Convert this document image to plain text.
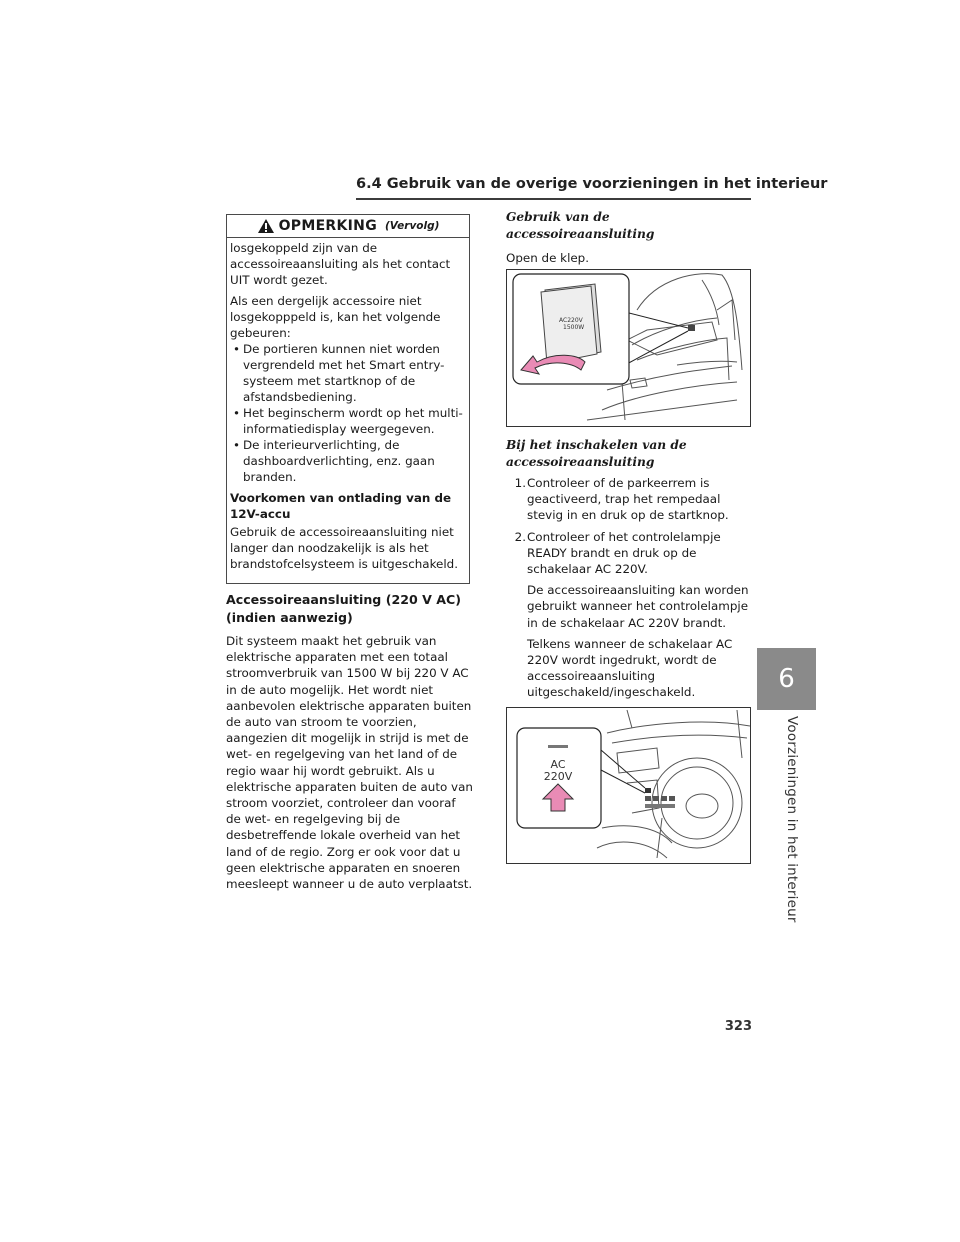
6.4 Gebruik van de overige voorzieningen in het interieur
6
Voorzieningen in het interieur
OPMERKING (Vervolg)

losgekoppeld zijn van de accessoireaansluiting als het contact UIT wordt gezet.

Als een dergelijk accessoire niet losgekopppeld is, kan het volgende gebeuren:

• De portieren kunnen niet worden vergrendeld met het Smart entry-systeem met startknop of de afstandsbediening.
• Het beginscherm wordt op het multi-informatiedisplay weergegeven.
• De interieurverlichting, de dashboardverlichting, enz. gaan branden.

Voorkomen van ontlading van de 12V-accu

Gebruik de accessoireaansluiting niet langer dan noodzakelijk is als het brandstofcelsysteem is uitgeschakeld.

Accessoireaansluiting (220 V AC) (indien aanwezig)

Dit systeem maakt het gebruik van elektrische apparaten met een totaal stroomverbruik van 1500 W bij 220 V AC in de auto mogelijk. Het wordt niet aanbevolen elektrische apparaten buiten de auto van stroom te voorzien, aangezien dit mogelijk in strijd is met de wet- en regelgeving van het land of de regio waar hij wordt gebruikt. Als u elektrische apparaten buiten de auto van stroom voorziet, controleer dan vooraf de wet- en regelgeving bij de desbetreffende lokale overheid van het land of de regio. Zorg er ook voor dat u geen elektrische apparaten en snoeren meesleept wanneer u de auto verplaatst.

Gebruik van de accessoireaansluiting

Open de klep.

AC220V
1500W

Bij het inschakelen van de accessoireaansluiting

1. Controleer of de parkeerrem is geactiveerd, trap het rempedaal stevig in en druk op de startknop.
2. Controleer of het controlelampje READY brandt en druk op de schakelaar AC 220V.
De accessoireaansluiting kan worden gebruikt wanneer het controlelampje in de schakelaar AC 220V brandt.
Telkens wanneer de schakelaar AC 220V wordt ingedrukt, wordt de accessoireaansluiting uitgeschakeld/ingeschakeld.
AC
220V
323
